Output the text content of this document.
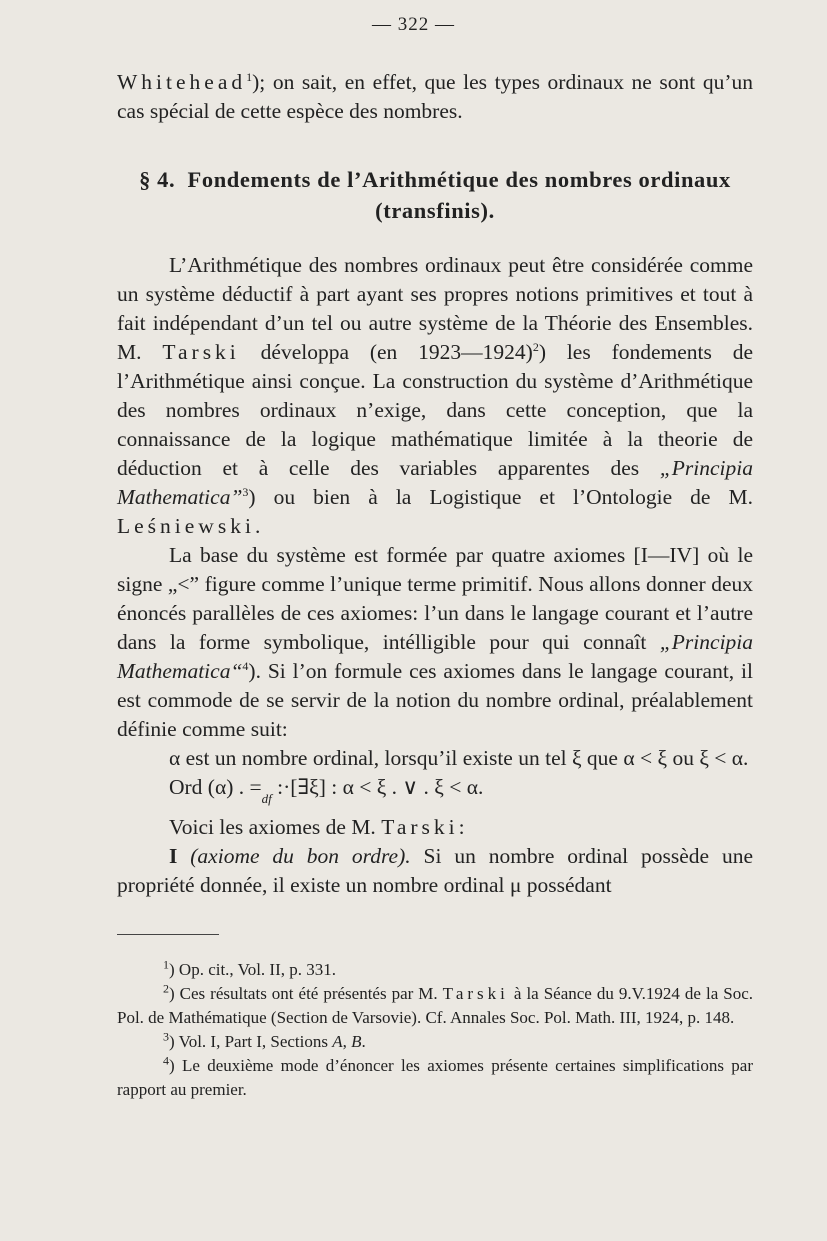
— 322 —

Whitehead$^1$); on sait, en effet, que les types ordinaux ne sont qu’un cas spécial de cette espèce des nombres.

§ 4. Fondements de l’Arithmétique des nombres ordinaux (transfinis).

L’Arithmétique des nombres ordinaux peut être considérée comme un système déductif à part ayant ses propres notions primitives et tout à fait indépendant d’un tel ou autre système de la Théorie des Ensembles. M. Tarski développa (en 1923—1924)$^2$) les fondements de l’Arithmétique ainsi conçue. La construction du système d’Arithmétique des nombres ordinaux n’exige, dans cette conception, que la connaissance de la logique mathématique limitée à la theorie de déduction et à celle des variables apparentes des „Principia Mathematica”$^3$) ou bien à la Logistique et l’Ontologie de M. Leśniewski.

La base du système est formée par quatre axiomes [I—IV] où le signe „<” figure comme l’unique terme primitif. Nous allons donner deux énoncés parallèles de ces axiomes: l’un dans le langage courant et l’autre dans la forme symbolique, intélligible pour qui connaît „Principia Mathematica“$^4$). Si l’on formule ces axiomes dans le langage courant, il est commode de se servir de la notion du nombre ordinal, préalablement définie comme suit:

α est un nombre ordinal, lorsqu’il existe un tel ξ que α < ξ ou ξ < α.

Ord (α) . $=_{df}$ :·[∃ξ] : α < ξ . ∨ . ξ < α.

Voici les axiomes de M. Tarski:

I (axiome du bon ordre). Si un nombre ordinal possède une propriété donnée, il existe un nombre ordinal μ possédant

$^1$) Op. cit., Vol. II, p. 331.

$^2$) Ces résultats ont été présentés par M. Tarski à la Séance du 9.V.1924 de la Soc. Pol. de Mathématique (Section de Varsovie). Cf. Annales Soc. Pol. Math. III, 1924, p. 148.

$^3$) Vol. I, Part I, Sections A, B.

$^4$) Le deuxième mode d’énoncer les axiomes présente certaines simplifications par rapport au premier.
